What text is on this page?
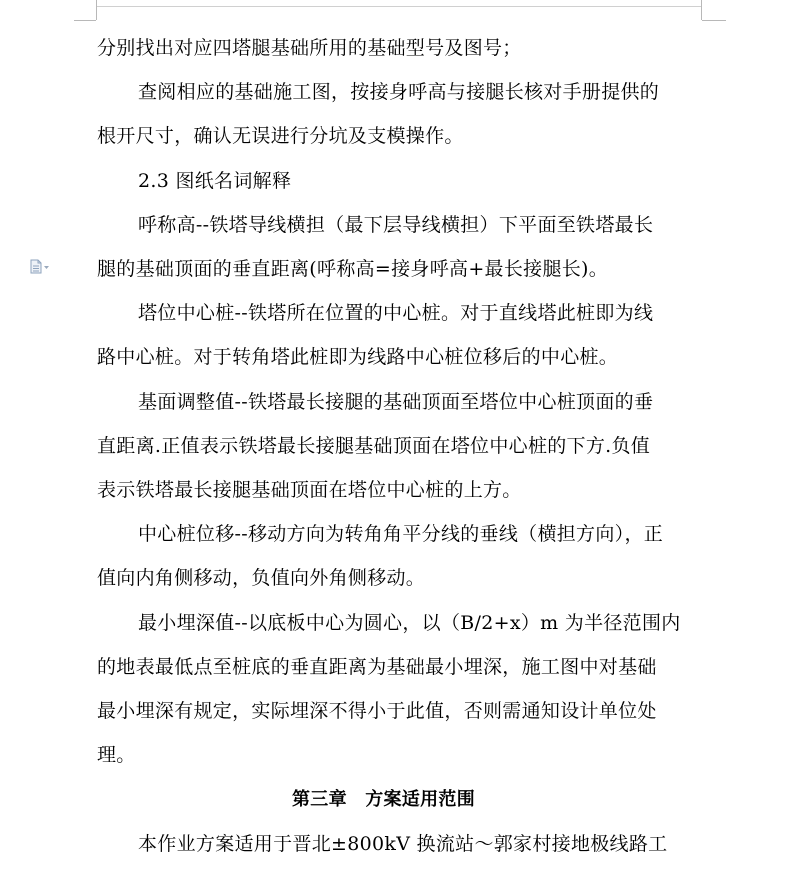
分别找出对应四塔腿基础所用的基础型号及图号；
查阅相应的基础施工图，按接身呼高与接腿长核对手册提供的
根开尺寸，确认无误进行分坑及支模操作。
2.3 图纸名词解释
呼称高--铁塔导线横担（最下层导线横担）下平面至铁塔最长
腿的基础顶面的垂直距离(呼称高=接身呼高+最长接腿长)。
塔位中心桩--铁塔所在位置的中心桩。对于直线塔此桩即为线
路中心桩。对于转角塔此桩即为线路中心桩位移后的中心桩。
基面调整值--铁塔最长接腿的基础顶面至塔位中心桩顶面的垂
直距离.正值表示铁塔最长接腿基础顶面在塔位中心桩的下方.负值
表示铁塔最长接腿基础顶面在塔位中心桩的上方。
中心桩位移--移动方向为转角角平分线的垂线（横担方向），正
值向内角侧移动，负值向外角侧移动。
最小埋深值--以底板中心为圆心，以（B/2+x）m 为半径范围内
的地表最低点至桩底的垂直距离为基础最小埋深，施工图中对基础
最小埋深有规定，实际埋深不得小于此值，否则需通知设计单位处
理。
第三章　方案适用范围
本作业方案适用于晋北±800kV 换流站～郭家村接地极线路工
